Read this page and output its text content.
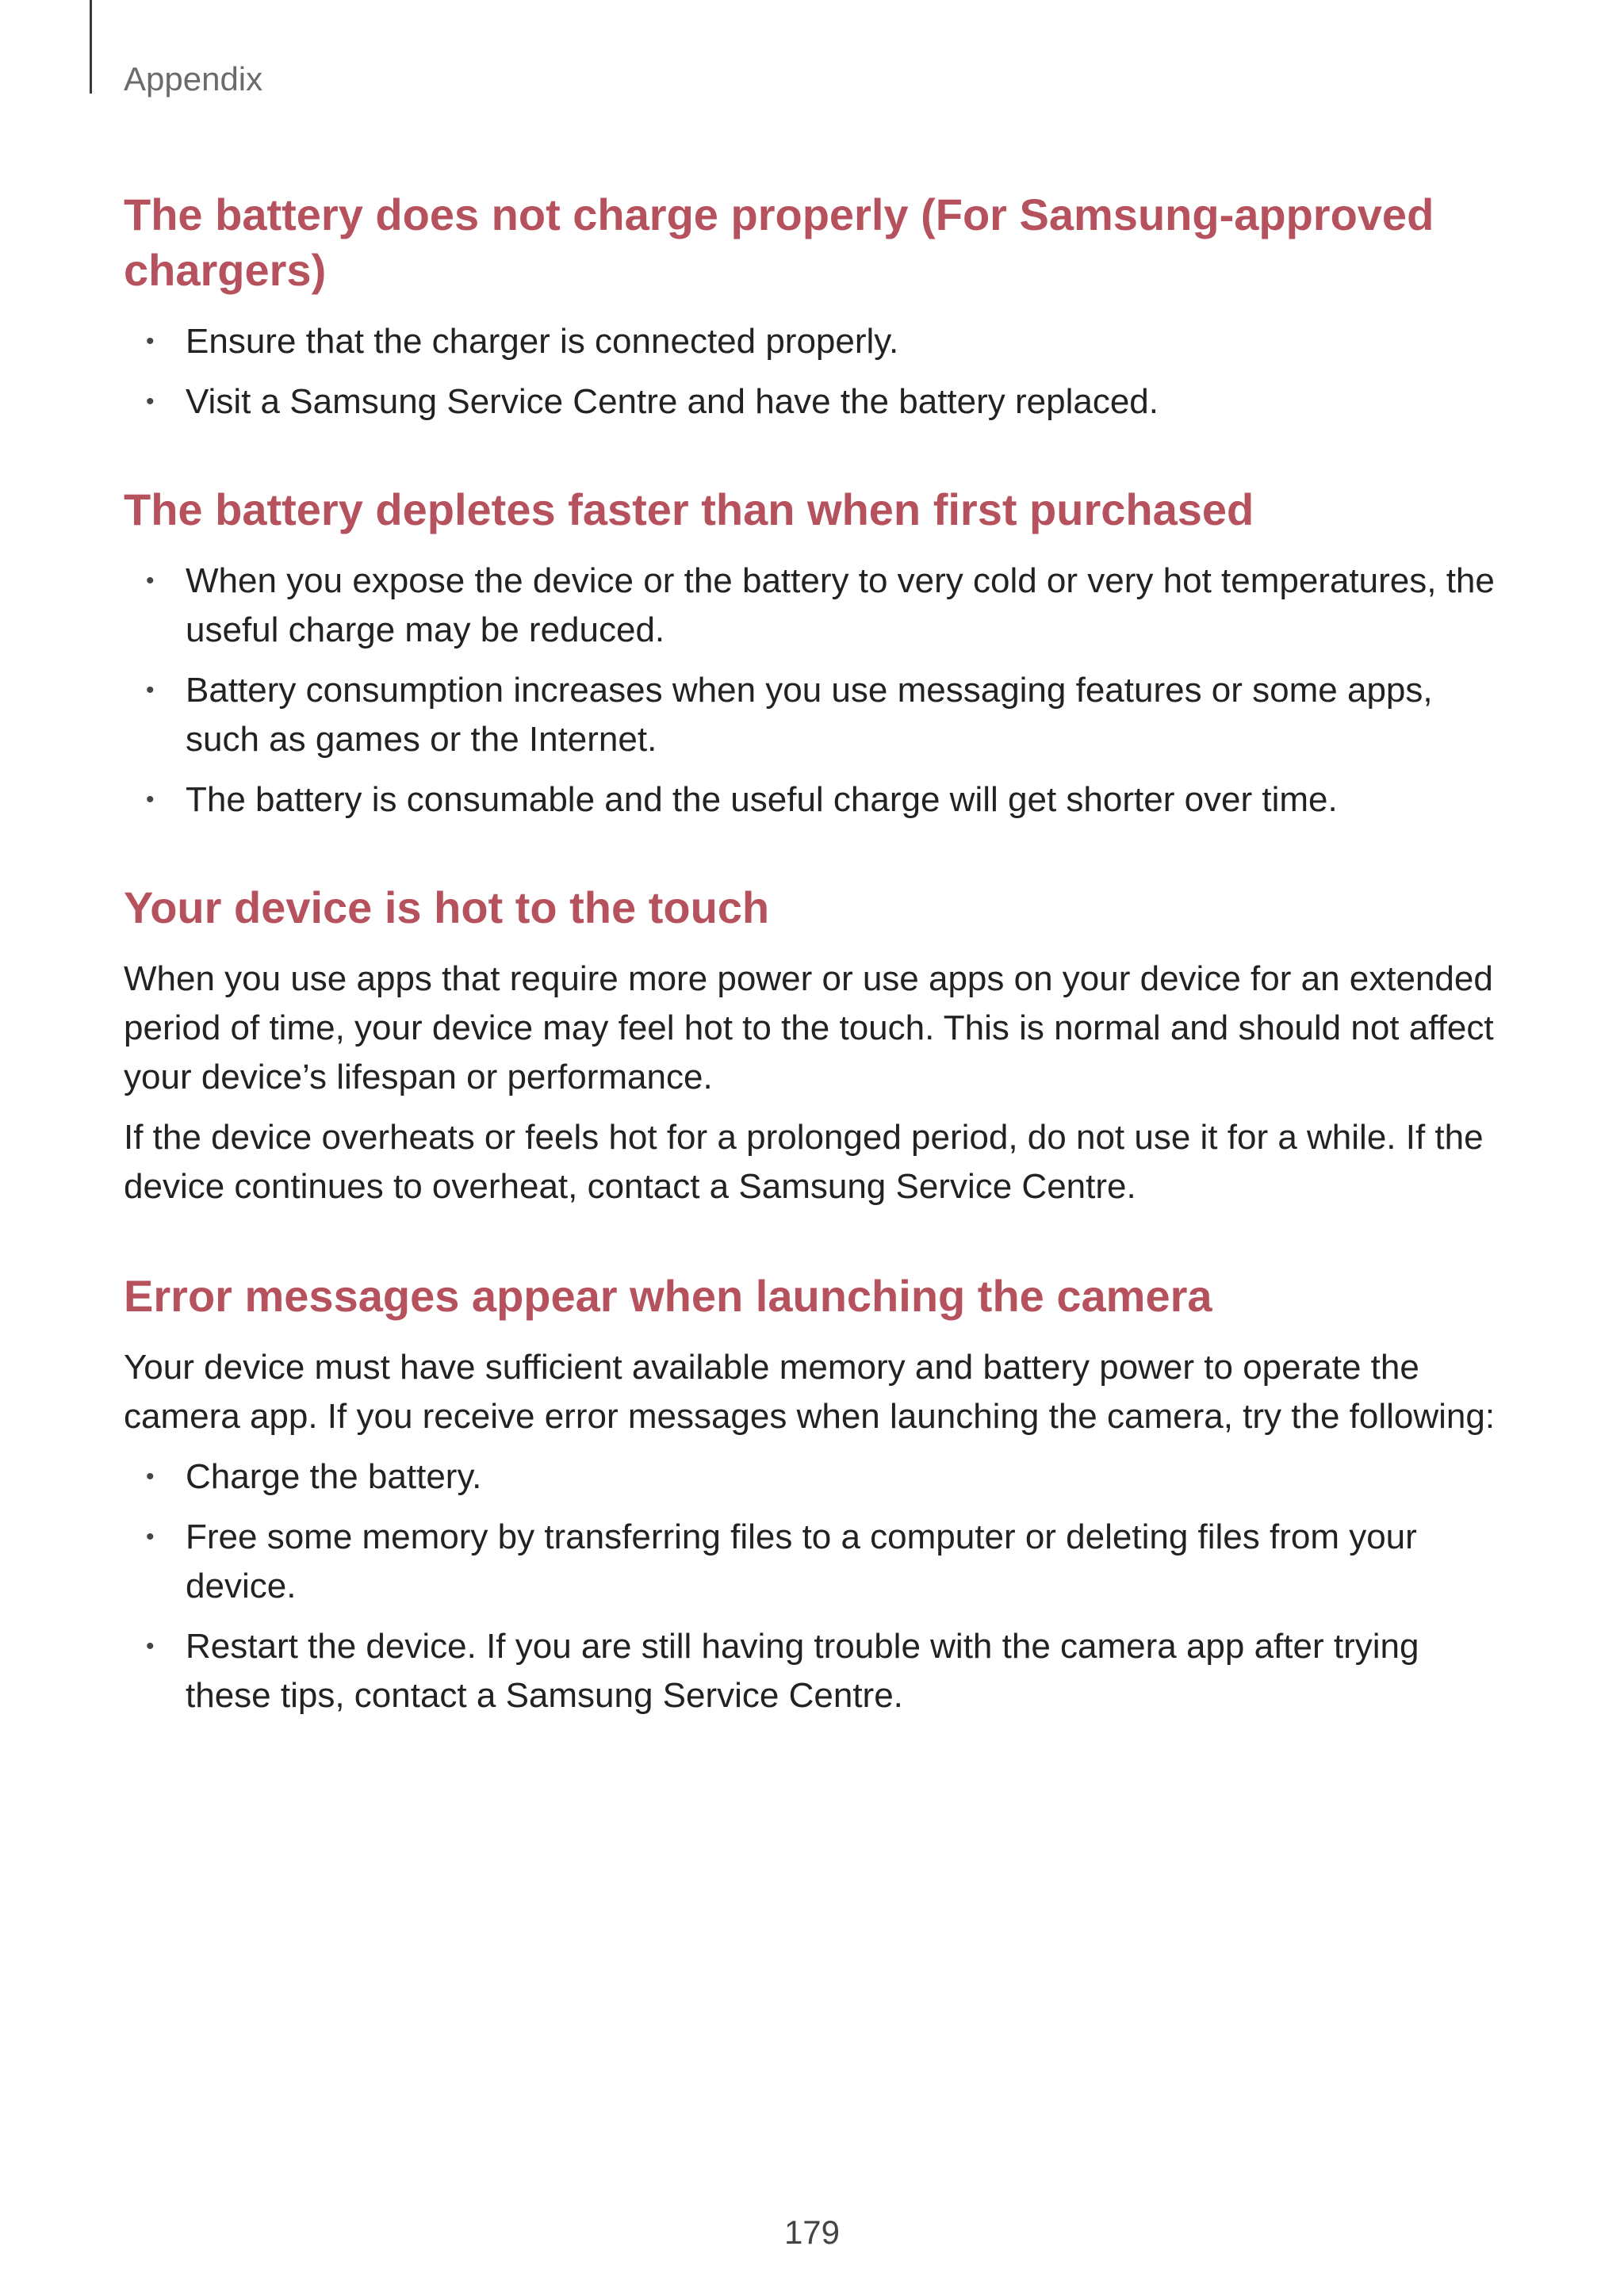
Appendix
The battery does not charge properly (For Samsung-approved chargers)
• Ensure that the charger is connected properly.
• Visit a Samsung Service Centre and have the battery replaced.
The battery depletes faster than when first purchased
• When you expose the device or the battery to very cold or very hot temperatures, the useful charge may be reduced.
• Battery consumption increases when you use messaging features or some apps, such as games or the Internet.
• The battery is consumable and the useful charge will get shorter over time.
Your device is hot to the touch

When you use apps that require more power or use apps on your device for an extended period of time, your device may feel hot to the touch. This is normal and should not affect your device’s lifespan or performance.

If the device overheats or feels hot for a prolonged period, do not use it for a while. If the device continues to overheat, contact a Samsung Service Centre.

Error messages appear when launching the camera

Your device must have sufficient available memory and battery power to operate the camera app. If you receive error messages when launching the camera, try the following:

• Charge the battery.
• Free some memory by transferring files to a computer or deleting files from your device.
• Restart the device. If you are still having trouble with the camera app after trying these tips, contact a Samsung Service Centre.
179
